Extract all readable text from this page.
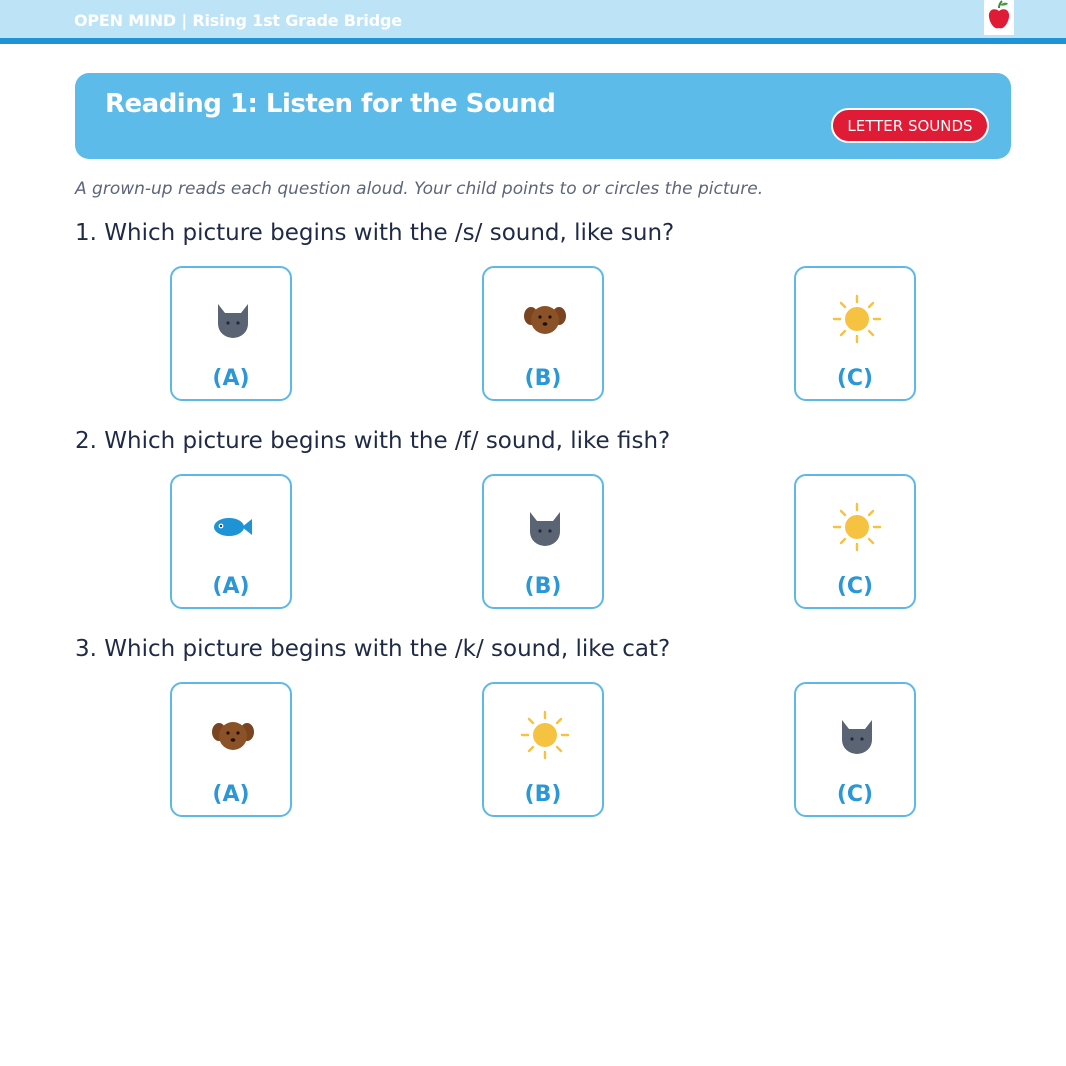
OPEN MIND | Rising 1st Grade Bridge
Reading 1: Listen for the Sound
LETTER SOUNDS
A grown-up reads each question aloud. Your child points to or circles the picture.
1. Which picture begins with the /s/ sound, like sun?
(A)	(B)	(C)
2. Which picture begins with the /f/ sound, like fish?
(A)	(B)	(C)
3. Which picture begins with the /k/ sound, like cat?
(A)	(B)	(C)
